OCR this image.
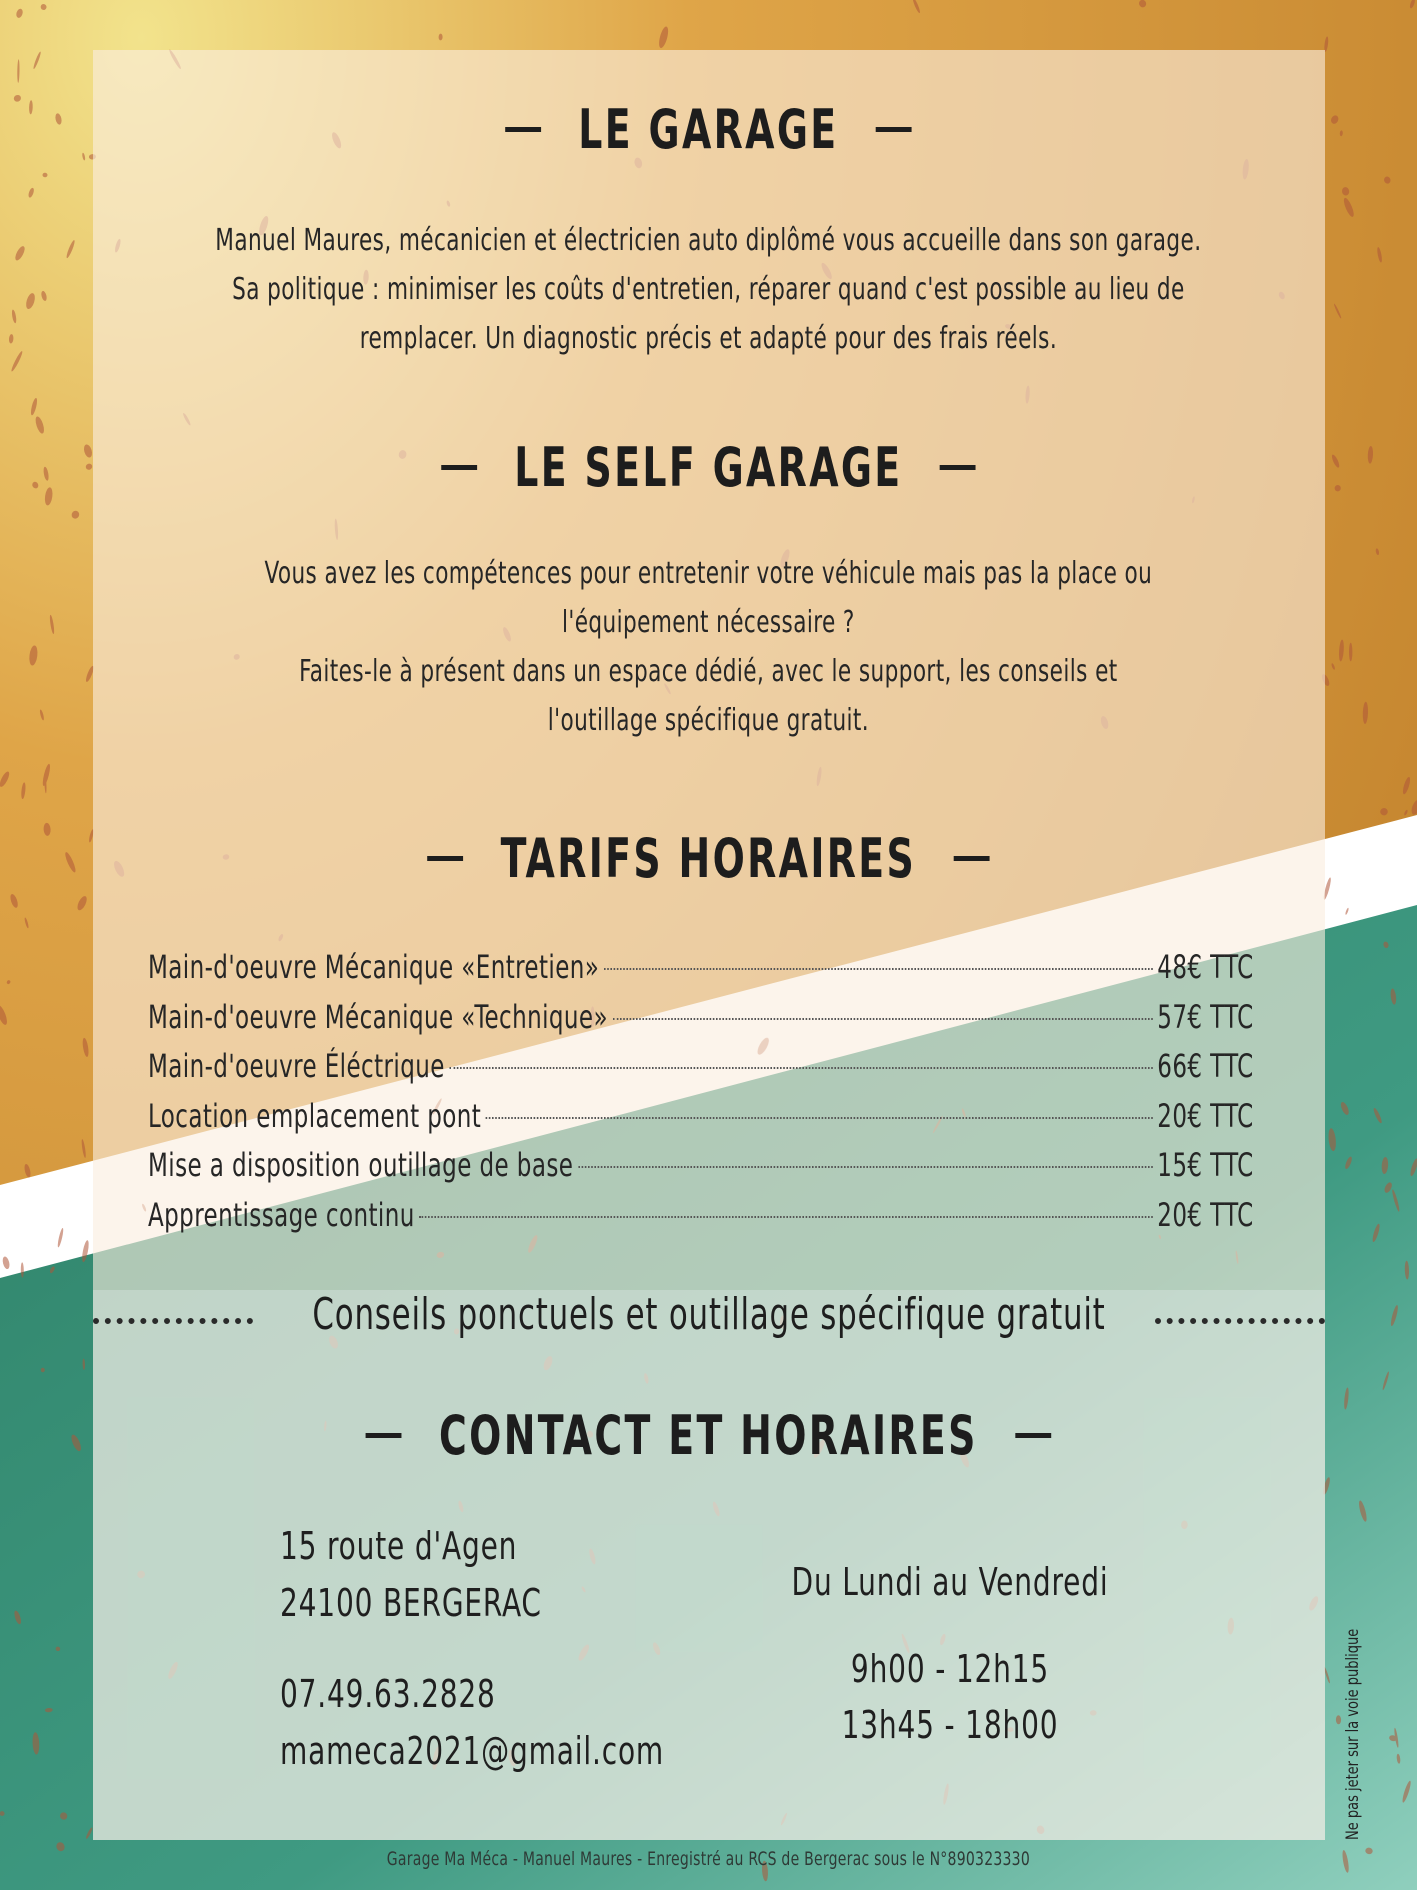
LE GARAGE
Manuel Maures, mécanicien et électricien auto diplômé vous accueille dans son garage.
Sa politique : minimiser les coûts d'entretien, réparer quand c'est possible au lieu de
remplacer. Un diagnostic précis et adapté pour des frais réels.
LE SELF GARAGE
Vous avez les compétences pour entretenir votre véhicule mais pas la place ou
l'équipement nécessaire ?
Faites-le à présent dans un espace dédié, avec le support, les conseils et
l'outillage spécifique gratuit.
TARIFS HORAIRES
Main-d'oeuvre Mécanique «Entretien»	48€ TTC
Main-d'oeuvre Mécanique «Technique»	57€ TTC
Main-d'oeuvre Éléctrique	66€ TTC
Location emplacement pont	20€ TTC
Mise a disposition outillage de base	15€ TTC
Apprentissage continu	20€ TTC
Conseils ponctuels et outillage spécifique gratuit
CONTACT ET HORAIRES
15 route d'Agen
24100 BERGERAC
07.49.63.2828
mameca2021@gmail.com
Du Lundi au Vendredi
9h00 - 12h15
13h45 - 18h00
Garage Ma Méca - Manuel Maures - Enregistré au RCS de Bergerac sous le N°890323330
Ne pas jeter sur la voie publique
